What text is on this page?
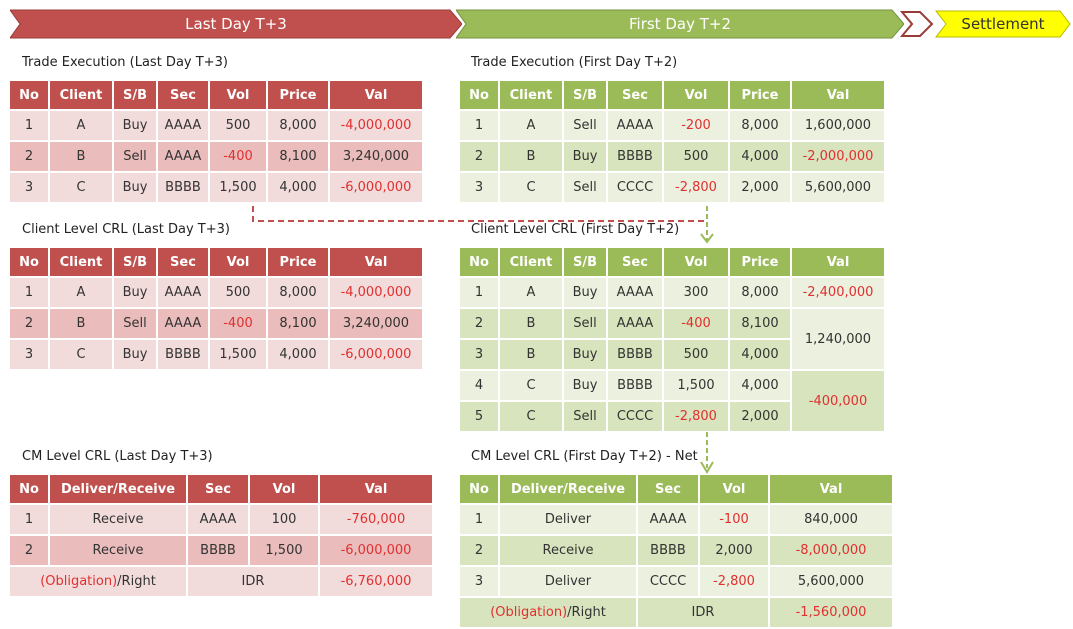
Last Day T+3	First Day T+2	Settlement
Trade Execution (Last Day T+3)	Trade Execution (First Day T+2)
Client Level CRL (Last Day T+3)	Client Level CRL (First Day T+2)
CM Level CRL (Last Day T+3)	CM Level CRL (First Day T+2) - Net
No	Client	S/B	Sec	Vol	Price	Val
1	A	Buy	AAAA	500	8,000	-4,000,000
2	B	Sell	AAAA	-400	8,100	3,240,000
3	C	Buy	BBBB	1,500	4,000	-6,000,000
No	Client	S/B	Sec	Vol	Price	Val
1	A	Sell	AAAA	-200	8,000	1,600,000
2	B	Buy	BBBB	500	4,000	-2,000,000
3	C	Sell	CCCC	-2,800	2,000	5,600,000
No	Client	S/B	Sec	Vol	Price	Val
1	A	Buy	AAAA	500	8,000	-4,000,000
2	B	Sell	AAAA	-400	8,100	3,240,000
3	C	Buy	BBBB	1,500	4,000	-6,000,000
No	Client	S/B	Sec	Vol	Price	Val
1	A	Buy	AAAA	300	8,000	-2,400,000
2	B	Sell	AAAA	-400	8,100	1,240,000
3	B	Buy	BBBB	500	4,000	
4	C	Buy	BBBB	1,500	4,000	-400,000
5	C	Sell	CCCC	-2,800	2,000	
No	Deliver/Receive	Sec	Vol	Val
1	Receive	AAAA	100	-760,000
2	Receive	BBBB	1,500	-6,000,000
(Obligation)/Right		IDR		-6,760,000
No	Deliver/Receive	Sec	Vol	Val
1	Deliver	AAAA	-100	840,000
2	Receive	BBBB	2,000	-8,000,000
3	Deliver	CCCC	-2,800	5,600,000
(Obligation)/Right		IDR		-1,560,000
